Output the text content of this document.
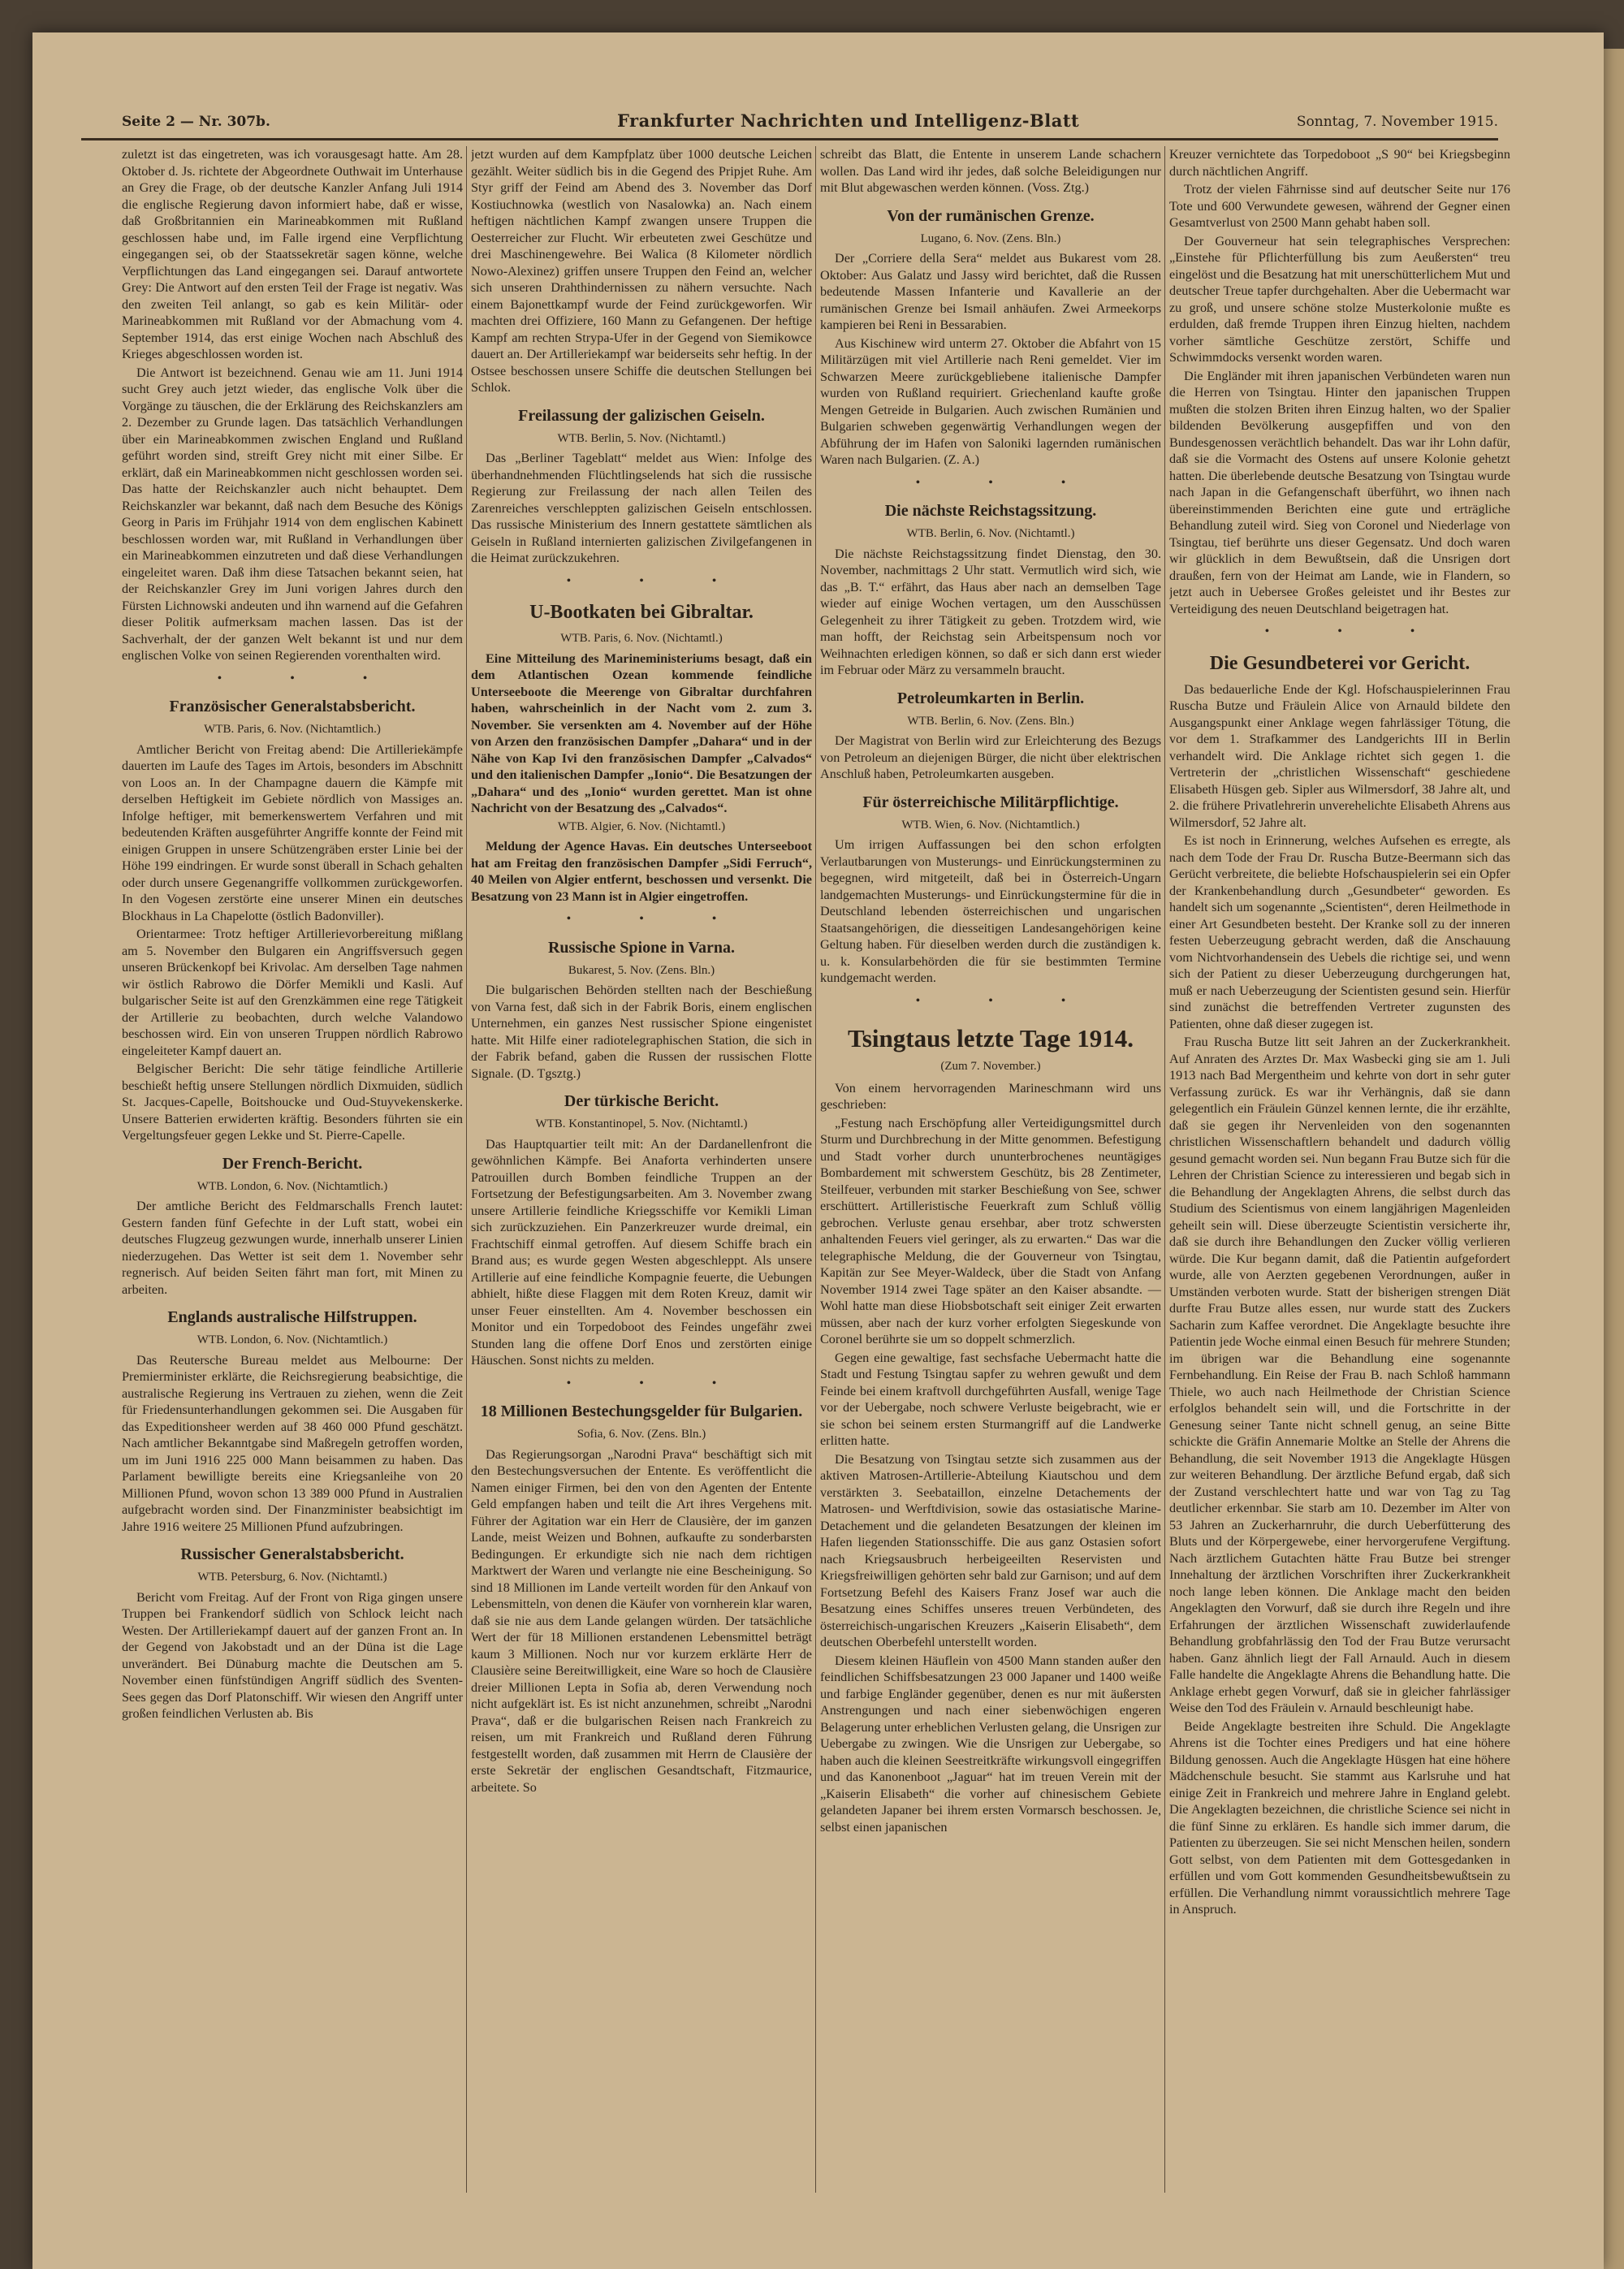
Seite 2 — Nr. 307b.	Frankfurter Nachrichten und Intelligenz-Blatt	Sonntag, 7. November 1915.

zuletzt ist das eingetreten, was ich vorausgesagt hatte. Am 28. Oktober d. Js. richtete der Abgeordnete Outhwait im Unterhause an Grey die Frage, ob der deutsche Kanzler Anfang Juli 1914 die englische Regierung davon informiert habe, daß er wisse, daß Großbritannien ein Marineabkommen mit Rußland geschlossen habe und, im Falle irgend eine Verpflichtung eingegangen sei, ob der Staatssekretär sagen könne, welche Verpflichtungen das Land eingegangen sei. Darauf antwortete Grey: Die Antwort auf den ersten Teil der Frage ist negativ. Was den zweiten Teil anlangt, so gab es kein Militär- oder Marineabkommen mit Rußland vor der Abmachung vom 4. September 1914, das erst einige Wochen nach Abschluß des Krieges abgeschlossen worden ist.

Die Antwort ist bezeichnend. Genau wie am 11. Juni 1914 sucht Grey auch jetzt wieder, das englische Volk über die Vorgänge zu täuschen, die der Erklärung des Reichskanzlers am 2. Dezember zu Grunde lagen. Das tatsächlich Verhandlungen über ein Marineabkommen zwischen England und Rußland geführt worden sind, streift Grey nicht mit einer Silbe. Er erklärt, daß ein Marineabkommen nicht geschlossen worden sei. Das hatte der Reichskanzler auch nicht behauptet. Dem Reichskanzler war bekannt, daß nach dem Besuche des Königs Georg in Paris im Frühjahr 1914 von dem englischen Kabinett beschlossen worden war, mit Rußland in Verhandlungen über ein Marineabkommen einzutreten und daß diese Verhandlungen eingeleitet waren. Daß ihm diese Tatsachen bekannt seien, hat der Reichskanzler Grey im Juni vorigen Jahres durch den Fürsten Lichnowski andeuten und ihn warnend auf die Gefahren dieser Politik aufmerksam machen lassen. Das ist der Sachverhalt, der der ganzen Welt bekannt ist und nur dem englischen Volke von seinen Regierenden vorenthalten wird.

• • •
Französischer Generalstabsbericht.
WTB. Paris, 6. Nov. (Nichtamtlich.)

Amtlicher Bericht von Freitag abend: Die Artilleriekämpfe dauerten im Laufe des Tages im Artois, besonders im Abschnitt von Loos an. In der Champagne dauern die Kämpfe mit derselben Heftigkeit im Gebiete nördlich von Massiges an. Infolge heftiger, mit bemerkenswertem Verfahren und mit bedeutenden Kräften ausgeführter Angriffe konnte der Feind mit einigen Gruppen in unsere Schützengräben erster Linie bei der Höhe 199 eindringen. Er wurde sonst überall in Schach gehalten oder durch unsere Gegenangriffe vollkommen zurückgeworfen. In den Vogesen zerstörte eine unserer Minen ein deutsches Blockhaus in La Chapelotte (östlich Badonviller).

Orientarmee: Trotz heftiger Artillerievorbereitung mißlang am 5. November den Bulgaren ein Angriffsversuch gegen unseren Brückenkopf bei Krivolac. Am derselben Tage nahmen wir östlich Rabrowo die Dörfer Memikli und Kasli. Auf bulgarischer Seite ist auf den Grenzkämmen eine rege Tätigkeit der Artillerie zu beobachten, durch welche Valandowo beschossen wird. Ein von unseren Truppen nördlich Rabrowo eingeleiteter Kampf dauert an.

Belgischer Bericht: Die sehr tätige feindliche Artillerie beschießt heftig unsere Stellungen nördlich Dixmuiden, südlich St. Jacques-Capelle, Boitshoucke und Oud-Stuyvekenskerke. Unsere Batterien erwiderten kräftig. Besonders führten sie ein Vergeltungsfeuer gegen Lekke und St. Pierre-Capelle.

Der French-Bericht.
WTB. London, 6. Nov. (Nichtamtlich.)

Der amtliche Bericht des Feldmarschalls French lautet: Gestern fanden fünf Gefechte in der Luft statt, wobei ein deutsches Flugzeug gezwungen wurde, innerhalb unserer Linien niederzugehen. Das Wetter ist seit dem 1. November sehr regnerisch. Auf beiden Seiten fährt man fort, mit Minen zu arbeiten.

Englands australische Hilfstruppen.
WTB. London, 6. Nov. (Nichtamtlich.)

Das Reutersche Bureau meldet aus Melbourne: Der Premierminister erklärte, die Reichsregierung beabsichtige, die australische Regierung ins Vertrauen zu ziehen, wenn die Zeit für Friedensunterhandlungen gekommen sei. Die Ausgaben für das Expeditionsheer werden auf 38 460 000 Pfund geschätzt. Nach amtlicher Bekanntgabe sind Maßregeln getroffen worden, um im Juni 1916 225 000 Mann beisammen zu haben. Das Parlament bewilligte bereits eine Kriegsanleihe von 20 Millionen Pfund, wovon schon 13 389 000 Pfund in Australien aufgebracht worden sind. Der Finanzminister beabsichtigt im Jahre 1916 weitere 25 Millionen Pfund aufzubringen.

Russischer Generalstabsbericht.
WTB. Petersburg, 6. Nov. (Nichtamtl.)

Bericht vom Freitag. Auf der Front von Riga gingen unsere Truppen bei Frankendorf südlich von Schlock leicht nach Westen. Der Artilleriekampf dauert auf der ganzen Front an. In der Gegend von Jakobstadt und an der Düna ist die Lage unverändert. Bei Dünaburg machte die Deutschen am 5. November einen fünfstündigen Angriff südlich des Sventen-Sees gegen das Dorf Platonschiff. Wir wiesen den Angriff unter großen feindlichen Verlusten ab. Bis

jetzt wurden auf dem Kampfplatz über 1000 deutsche Leichen gezählt. Weiter südlich bis in die Gegend des Pripjet Ruhe. Am Styr griff der Feind am Abend des 3. November das Dorf Kostiuchnowka (westlich von Nasalowka) an. Nach einem heftigen nächtlichen Kampf zwangen unsere Truppen die Oesterreicher zur Flucht. Wir erbeuteten zwei Geschütze und drei Maschinengewehre. Bei Walica (8 Kilometer nördlich Nowo-Alexinez) griffen unsere Truppen den Feind an, welcher sich unseren Drahthindernissen zu nähern versuchte. Nach einem Bajonettkampf wurde der Feind zurückgeworfen. Wir machten drei Offiziere, 160 Mann zu Gefangenen. Der heftige Kampf am rechten Strypa-Ufer in der Gegend von Siemikowce dauert an. Der Artilleriekampf war beiderseits sehr heftig. In der Ostsee beschossen unsere Schiffe die deutschen Stellungen bei Schlok.

Freilassung der galizischen Geiseln.
WTB. Berlin, 5. Nov. (Nichtamtl.)

Das „Berliner Tageblatt“ meldet aus Wien: Infolge des überhandnehmenden Flüchtlingselends hat sich die russische Regierung zur Freilassung der nach allen Teilen des Zarenreiches verschleppten galizischen Geiseln entschlossen. Das russische Ministerium des Innern gestattete sämtlichen als Geiseln in Rußland internierten galizischen Zivilgefangenen in die Heimat zurückzukehren.

• • •
U-Bootkaten bei Gibraltar.
WTB. Paris, 6. Nov. (Nichtamtl.)

Eine Mitteilung des Marineministeriums besagt, daß ein dem Atlantischen Ozean kommende feindliche Unterseeboote die Meerenge von Gibraltar durchfahren haben, wahrscheinlich in der Nacht vom 2. zum 3. November. Sie versenkten am 4. November auf der Höhe von Arzen den französischen Dampfer „Dahara“ und in der Nähe von Kap Ivi den französischen Dampfer „Calvados“ und den italienischen Dampfer „Ionio“. Die Besatzungen der „Dahara“ und des „Ionio“ wurden gerettet. Man ist ohne Nachricht von der Besatzung des „Calvados“.

WTB. Algier, 6. Nov. (Nichtamtl.)

Meldung der Agence Havas. Ein deutsches Unterseeboot hat am Freitag den französischen Dampfer „Sidi Ferruch“, 40 Meilen von Algier entfernt, beschossen und versenkt. Die Besatzung von 23 Mann ist in Algier eingetroffen.

• • •
Russische Spione in Varna.
Bukarest, 5. Nov. (Zens. Bln.)

Die bulgarischen Behörden stellten nach der Beschießung von Varna fest, daß sich in der Fabrik Boris, einem englischen Unternehmen, ein ganzes Nest russischer Spione eingenistet hatte. Mit Hilfe einer radiotelegraphischen Station, die sich in der Fabrik befand, gaben die Russen der russischen Flotte Signale. (D. Tgsztg.)

Der türkische Bericht.
WTB. Konstantinopel, 5. Nov. (Nichtamtl.)

Das Hauptquartier teilt mit: An der Dardanellenfront die gewöhnlichen Kämpfe. Bei Anaforta verhinderten unsere Patrouillen durch Bomben feindliche Truppen an der Fortsetzung der Befestigungsarbeiten. Am 3. November zwang unsere Artillerie feindliche Kriegsschiffe vor Kemikli Liman sich zurückzuziehen. Ein Panzerkreuzer wurde dreimal, ein Frachtschiff einmal getroffen. Auf diesem Schiffe brach ein Brand aus; es wurde gegen Westen abgeschleppt. Als unsere Artillerie auf eine feindliche Kompagnie feuerte, die Uebungen abhielt, hißte diese Flaggen mit dem Roten Kreuz, damit wir unser Feuer einstellten. Am 4. November beschossen ein Monitor und ein Torpedoboot des Feindes ungefähr zwei Stunden lang die offene Dorf Enos und zerstörten einige Häuschen. Sonst nichts zu melden.

• • •
18 Millionen Bestechungsgelder für Bulgarien.
Sofia, 6. Nov. (Zens. Bln.)

Das Regierungsorgan „Narodni Prava“ beschäftigt sich mit den Bestechungsversuchen der Entente. Es veröffentlicht die Namen einiger Firmen, bei den von den Agenten der Entente Geld empfangen haben und teilt die Art ihres Vergehens mit. Führer der Agitation war ein Herr de Clausière, der im ganzen Lande, meist Weizen und Bohnen, aufkaufte zu sonderbarsten Bedingungen. Er erkundigte sich nie nach dem richtigen Marktwert der Waren und verlangte nie eine Bescheinigung. So sind 18 Millionen im Lande verteilt worden für den Ankauf von Lebensmitteln, von denen die Käufer von vornherein klar waren, daß sie nie aus dem Lande gelangen würden. Der tatsächliche Wert der für 18 Millionen erstandenen Lebensmittel beträgt kaum 3 Millionen. Noch nur vor kurzem erklärte Herr de Clausière seine Bereitwilligkeit, eine Ware so hoch de Clausière dreier Millionen Lepta in Sofia ab, deren Verwendung noch nicht aufgeklärt ist. Es ist nicht anzunehmen, schreibt „Narodni Prava“, daß er die bulgarischen Reisen nach Frankreich zu reisen, um mit Frankreich und Rußland deren Führung festgestellt worden, daß zusammen mit Herrn de Clausière der erste Sekretär der englischen Gesandtschaft, Fitzmaurice, arbeitete. So

schreibt das Blatt, die Entente in unserem Lande schachern wollen. Das Land wird ihr jedes, daß solche Beleidigungen nur mit Blut abgewaschen werden können. (Voss. Ztg.)

Von der rumänischen Grenze.
Lugano, 6. Nov. (Zens. Bln.)

Der „Corriere della Sera“ meldet aus Bukarest vom 28. Oktober: Aus Galatz und Jassy wird berichtet, daß die Russen bedeutende Massen Infanterie und Kavallerie an der rumänischen Grenze bei Ismail anhäufen. Zwei Armeekorps kampieren bei Reni in Bessarabien.

Aus Kischinew wird unterm 27. Oktober die Abfahrt von 15 Militärzügen mit viel Artillerie nach Reni gemeldet. Vier im Schwarzen Meere zurückgebliebene italienische Dampfer wurden von Rußland requiriert. Griechenland kaufte große Mengen Getreide in Bulgarien. Auch zwischen Rumänien und Bulgarien schweben gegenwärtig Verhandlungen wegen der Abführung der im Hafen von Saloniki lagernden rumänischen Waren nach Bulgarien. (Z. A.)

• • •
Die nächste Reichstagssitzung.
WTB. Berlin, 6. Nov. (Nichtamtl.)

Die nächste Reichstagssitzung findet Dienstag, den 30. November, nachmittags 2 Uhr statt. Vermutlich wird sich, wie das „B. T.“ erfährt, das Haus aber nach an demselben Tage wieder auf einige Wochen vertagen, um den Ausschüssen Gelegenheit zu ihrer Tätigkeit zu geben. Trotzdem wird, wie man hofft, der Reichstag sein Arbeitspensum noch vor Weihnachten erledigen können, so daß er sich dann erst wieder im Februar oder März zu versammeln braucht.

Petroleumkarten in Berlin.
WTB. Berlin, 6. Nov. (Zens. Bln.)

Der Magistrat von Berlin wird zur Erleichterung des Bezugs von Petroleum an diejenigen Bürger, die nicht über elektrischen Anschluß haben, Petroleumkarten ausgeben.

Für österreichische Militärpflichtige.
WTB. Wien, 6. Nov. (Nichtamtlich.)

Um irrigen Auffassungen bei den schon erfolgten Verlautbarungen von Musterungs- und Einrückungsterminen zu begegnen, wird mitgeteilt, daß bei in Österreich-Ungarn landgemachten Musterungs- und Einrückungstermine für die in Deutschland lebenden österreichischen und ungarischen Staatsangehörigen, die diesseitigen Landesangehörigen keine Geltung haben. Für dieselben werden durch die zuständigen k. u. k. Konsularbehörden die für sie bestimmten Termine kundgemacht werden.

• • •
Tsingtaus letzte Tage 1914.
(Zum 7. November.)

Von einem hervorragenden Marineschmann wird uns geschrieben:

„Festung nach Erschöpfung aller Verteidigungsmittel durch Sturm und Durchbrechung in der Mitte genommen. Befestigung und Stadt vorher durch ununterbrochenes neuntägiges Bombardement mit schwerstem Geschütz, bis 28 Zentimeter, Steilfeuer, verbunden mit starker Beschießung von See, schwer erschüttert. Artilleristische Feuerkraft zum Schluß völlig gebrochen. Verluste genau ersehbar, aber trotz schwersten anhaltenden Feuers viel geringer, als zu erwarten.“ Das war die telegraphische Meldung, die der Gouverneur von Tsingtau, Kapitän zur See Meyer-Waldeck, über die Stadt von Anfang November 1914 zwei Tage später an den Kaiser absandte. — Wohl hatte man diese Hiobsbotschaft seit einiger Zeit erwarten müssen, aber nach der kurz vorher erfolgten Siegeskunde von Coronel berührte sie um so doppelt schmerzlich.

Gegen eine gewaltige, fast sechsfache Uebermacht hatte die Stadt und Festung Tsingtau sapfer zu wehren gewußt und dem Feinde bei einem kraftvoll durchgeführten Ausfall, wenige Tage vor der Uebergabe, noch schwere Verluste beigebracht, wie er sie schon bei seinem ersten Sturmangriff auf die Landwerke erlitten hatte.

Die Besatzung von Tsingtau setzte sich zusammen aus der aktiven Matrosen-Artillerie-Abteilung Kiautschou und dem verstärkten 3. Seebataillon, einzelne Detachements der Matrosen- und Werftdivision, sowie das ostasiatische Marine-Detachement und die gelandeten Besatzungen der kleinen im Hafen liegenden Stationsschiffe. Die aus ganz Ostasien sofort nach Kriegsausbruch herbeigeeilten Reservisten und Kriegsfreiwilligen gehörten sehr bald zur Garnison; und auf dem Fortsetzung Befehl des Kaisers Franz Josef war auch die Besatzung eines Schiffes unseres treuen Verbündeten, des österreichisch-ungarischen Kreuzers „Kaiserin Elisabeth“, dem deutschen Oberbefehl unterstellt worden.

Diesem kleinen Häuflein von 4500 Mann standen außer den feindlichen Schiffsbesatzungen 23 000 Japaner und 1400 weiße und farbige Engländer gegenüber, denen es nur mit äußersten Anstrengungen und nach einer siebenwöchigen engeren Belagerung unter erheblichen Verlusten gelang, die Unsrigen zur Uebergabe zu zwingen. Wie die Unsrigen zur Uebergabe, so haben auch die kleinen Seestreitkräfte wirkungsvoll eingegriffen und das Kanonenboot „Jaguar“ hat im treuen Verein mit der „Kaiserin Elisabeth“ die vorher auf chinesischem Gebiete gelandeten Japaner bei ihrem ersten Vormarsch beschossen. Je, selbst einen japanischen

Kreuzer vernichtete das Torpedoboot „S 90“ bei Kriegsbeginn durch nächtlichen Angriff.

Trotz der vielen Fährnisse sind auf deutscher Seite nur 176 Tote und 600 Verwundete gewesen, während der Gegner einen Gesamtverlust von 2500 Mann gehabt haben soll.

Der Gouverneur hat sein telegraphisches Versprechen: „Einstehe für Pflichterfüllung bis zum Aeußersten“ treu eingelöst und die Besatzung hat mit unerschütterlichem Mut und deutscher Treue tapfer durchgehalten. Aber die Uebermacht war zu groß, und unsere schöne stolze Musterkolonie mußte es erdulden, daß fremde Truppen ihren Einzug hielten, nachdem vorher sämtliche Geschütze zerstört, Schiffe und Schwimmdocks versenkt worden waren.

Die Engländer mit ihren japanischen Verbündeten waren nun die Herren von Tsingtau. Hinter den japanischen Truppen mußten die stolzen Briten ihren Einzug halten, wo der Spalier bildenden Bevölkerung ausgepfiffen und von den Bundesgenossen verächtlich behandelt. Das war ihr Lohn dafür, daß sie die Vormacht des Ostens auf unsere Kolonie gehetzt hatten. Die überlebende deutsche Besatzung von Tsingtau wurde nach Japan in die Gefangenschaft überführt, wo ihnen nach übereinstimmenden Berichten eine gute und erträgliche Behandlung zuteil wird. Sieg von Coronel und Niederlage von Tsingtau, tief berührte uns dieser Gegensatz. Und doch waren wir glücklich in dem Bewußtsein, daß die Unsrigen dort draußen, fern von der Heimat am Lande, wie in Flandern, so jetzt auch in Uebersee Großes geleistet und ihr Bestes zur Verteidigung des neuen Deutschland beigetragen hat.

• • •
Die Gesundbeterei vor Gericht.

Das bedauerliche Ende der Kgl. Hofschauspielerinnen Frau Ruscha Butze und Fräulein Alice von Arnauld bildete den Ausgangspunkt einer Anklage wegen fahrlässiger Tötung, die vor dem 1. Strafkammer des Landgerichts III in Berlin verhandelt wird. Die Anklage richtet sich gegen 1. die Vertreterin der „christlichen Wissenschaft“ geschiedene Elisabeth Hüsgen geb. Sipler aus Wilmersdorf, 38 Jahre alt, und 2. die frühere Privatlehrerin unverehelichte Elisabeth Ahrens aus Wilmersdorf, 52 Jahre alt.

Es ist noch in Erinnerung, welches Aufsehen es erregte, als nach dem Tode der Frau Dr. Ruscha Butze-Beermann sich das Gerücht verbreitete, die beliebte Hofschauspielerin sei ein Opfer der Krankenbehandlung durch „Gesundbeter“ geworden. Es handelt sich um sogenannte „Scientisten“, deren Heilmethode in einer Art Gesundbeten besteht. Der Kranke soll zu der inneren festen Ueberzeugung gebracht werden, daß die Anschauung vom Nichtvorhandensein des Uebels die richtige sei, und wenn sich der Patient zu dieser Ueberzeugung durchgerungen hat, muß er nach Ueberzeugung der Scientisten gesund sein. Hierfür sind zunächst die betreffenden Vertreter zugunsten des Patienten, ohne daß dieser zugegen ist.

Frau Ruscha Butze litt seit Jahren an der Zuckerkrankheit. Auf Anraten des Arztes Dr. Max Wasbecki ging sie am 1. Juli 1913 nach Bad Mergentheim und kehrte von dort in sehr guter Verfassung zurück. Es war ihr Verhängnis, daß sie dann gelegentlich ein Fräulein Günzel kennen lernte, die ihr erzählte, daß sie gegen ihr Nervenleiden von den sogenannten christlichen Wissenschaftlern behandelt und dadurch völlig gesund gemacht worden sei. Nun begann Frau Butze sich für die Lehren der Christian Science zu interessieren und begab sich in die Behandlung der Angeklagten Ahrens, die selbst durch das Studium des Scientismus von einem langjährigen Magenleiden geheilt sein will. Diese überzeugte Scientistin versicherte ihr, daß sie durch ihre Behandlungen den Zucker völlig verlieren würde. Die Kur begann damit, daß die Patientin aufgefordert wurde, alle von Aerzten gegebenen Verordnungen, außer in Umständen verboten wurde. Statt der bisherigen strengen Diät durfte Frau Butze alles essen, nur wurde statt des Zuckers Sacharin zum Kaffee verordnet. Die Angeklagte besuchte ihre Patientin jede Woche einmal einen Besuch für mehrere Stunden; im übrigen war die Behandlung eine sogenannte Fernbehandlung. Ein Reise der Frau B. nach Schloß hammann Thiele, wo auch nach Heilmethode der Christian Science erfolglos behandelt sein will, und die Fortschritte in der Genesung seiner Tante nicht schnell genug, an seine Bitte schickte die Gräfin Annemarie Moltke an Stelle der Ahrens die Behandlung, die seit November 1913 die Angeklagte Hüsgen zur weiteren Behandlung. Der ärztliche Befund ergab, daß sich der Zustand verschlechtert hatte und war von Tag zu Tag deutlicher erkennbar. Sie starb am 10. Dezember im Alter von 53 Jahren an Zuckerharnruhr, die durch Ueberfütterung des Bluts und der Körpergewebe, einer hervorgerufene Vergiftung. Nach ärztlichem Gutachten hätte Frau Butze bei strenger Innehaltung der ärztlichen Vorschriften ihrer Zuckerkrankheit noch lange leben können. Die Anklage macht den beiden Angeklagten den Vorwurf, daß sie durch ihre Regeln und ihre Erfahrungen der ärztlichen Wissenschaft zuwiderlaufende Behandlung grobfahrlässig den Tod der Frau Butze verursacht haben. Ganz ähnlich liegt der Fall Arnauld. Auch in diesem Falle handelte die Angeklagte Ahrens die Behandlung hatte. Die Anklage erhebt gegen Vorwurf, daß sie in gleicher fahrlässiger Weise den Tod des Fräulein v. Arnauld beschleunigt habe.

Beide Angeklagte bestreiten ihre Schuld. Die Angeklagte Ahrens ist die Tochter eines Predigers und hat eine höhere Bildung genossen. Auch die Angeklagte Hüsgen hat eine höhere Mädchenschule besucht. Sie stammt aus Karlsruhe und hat einige Zeit in Frankreich und mehrere Jahre in England gelebt. Die Angeklagten bezeichnen, die christliche Science sei nicht in die fünf Sinne zu erklären. Es handle sich immer darum, die Patienten zu überzeugen. Sie sei nicht Menschen heilen, sondern Gott selbst, von dem Patienten mit dem Gottesgedanken in erfüllen und vom Gott kommenden Gesundheitsbewußtsein zu erfüllen. Die Verhandlung nimmt voraussichtlich mehrere Tage in Anspruch.
